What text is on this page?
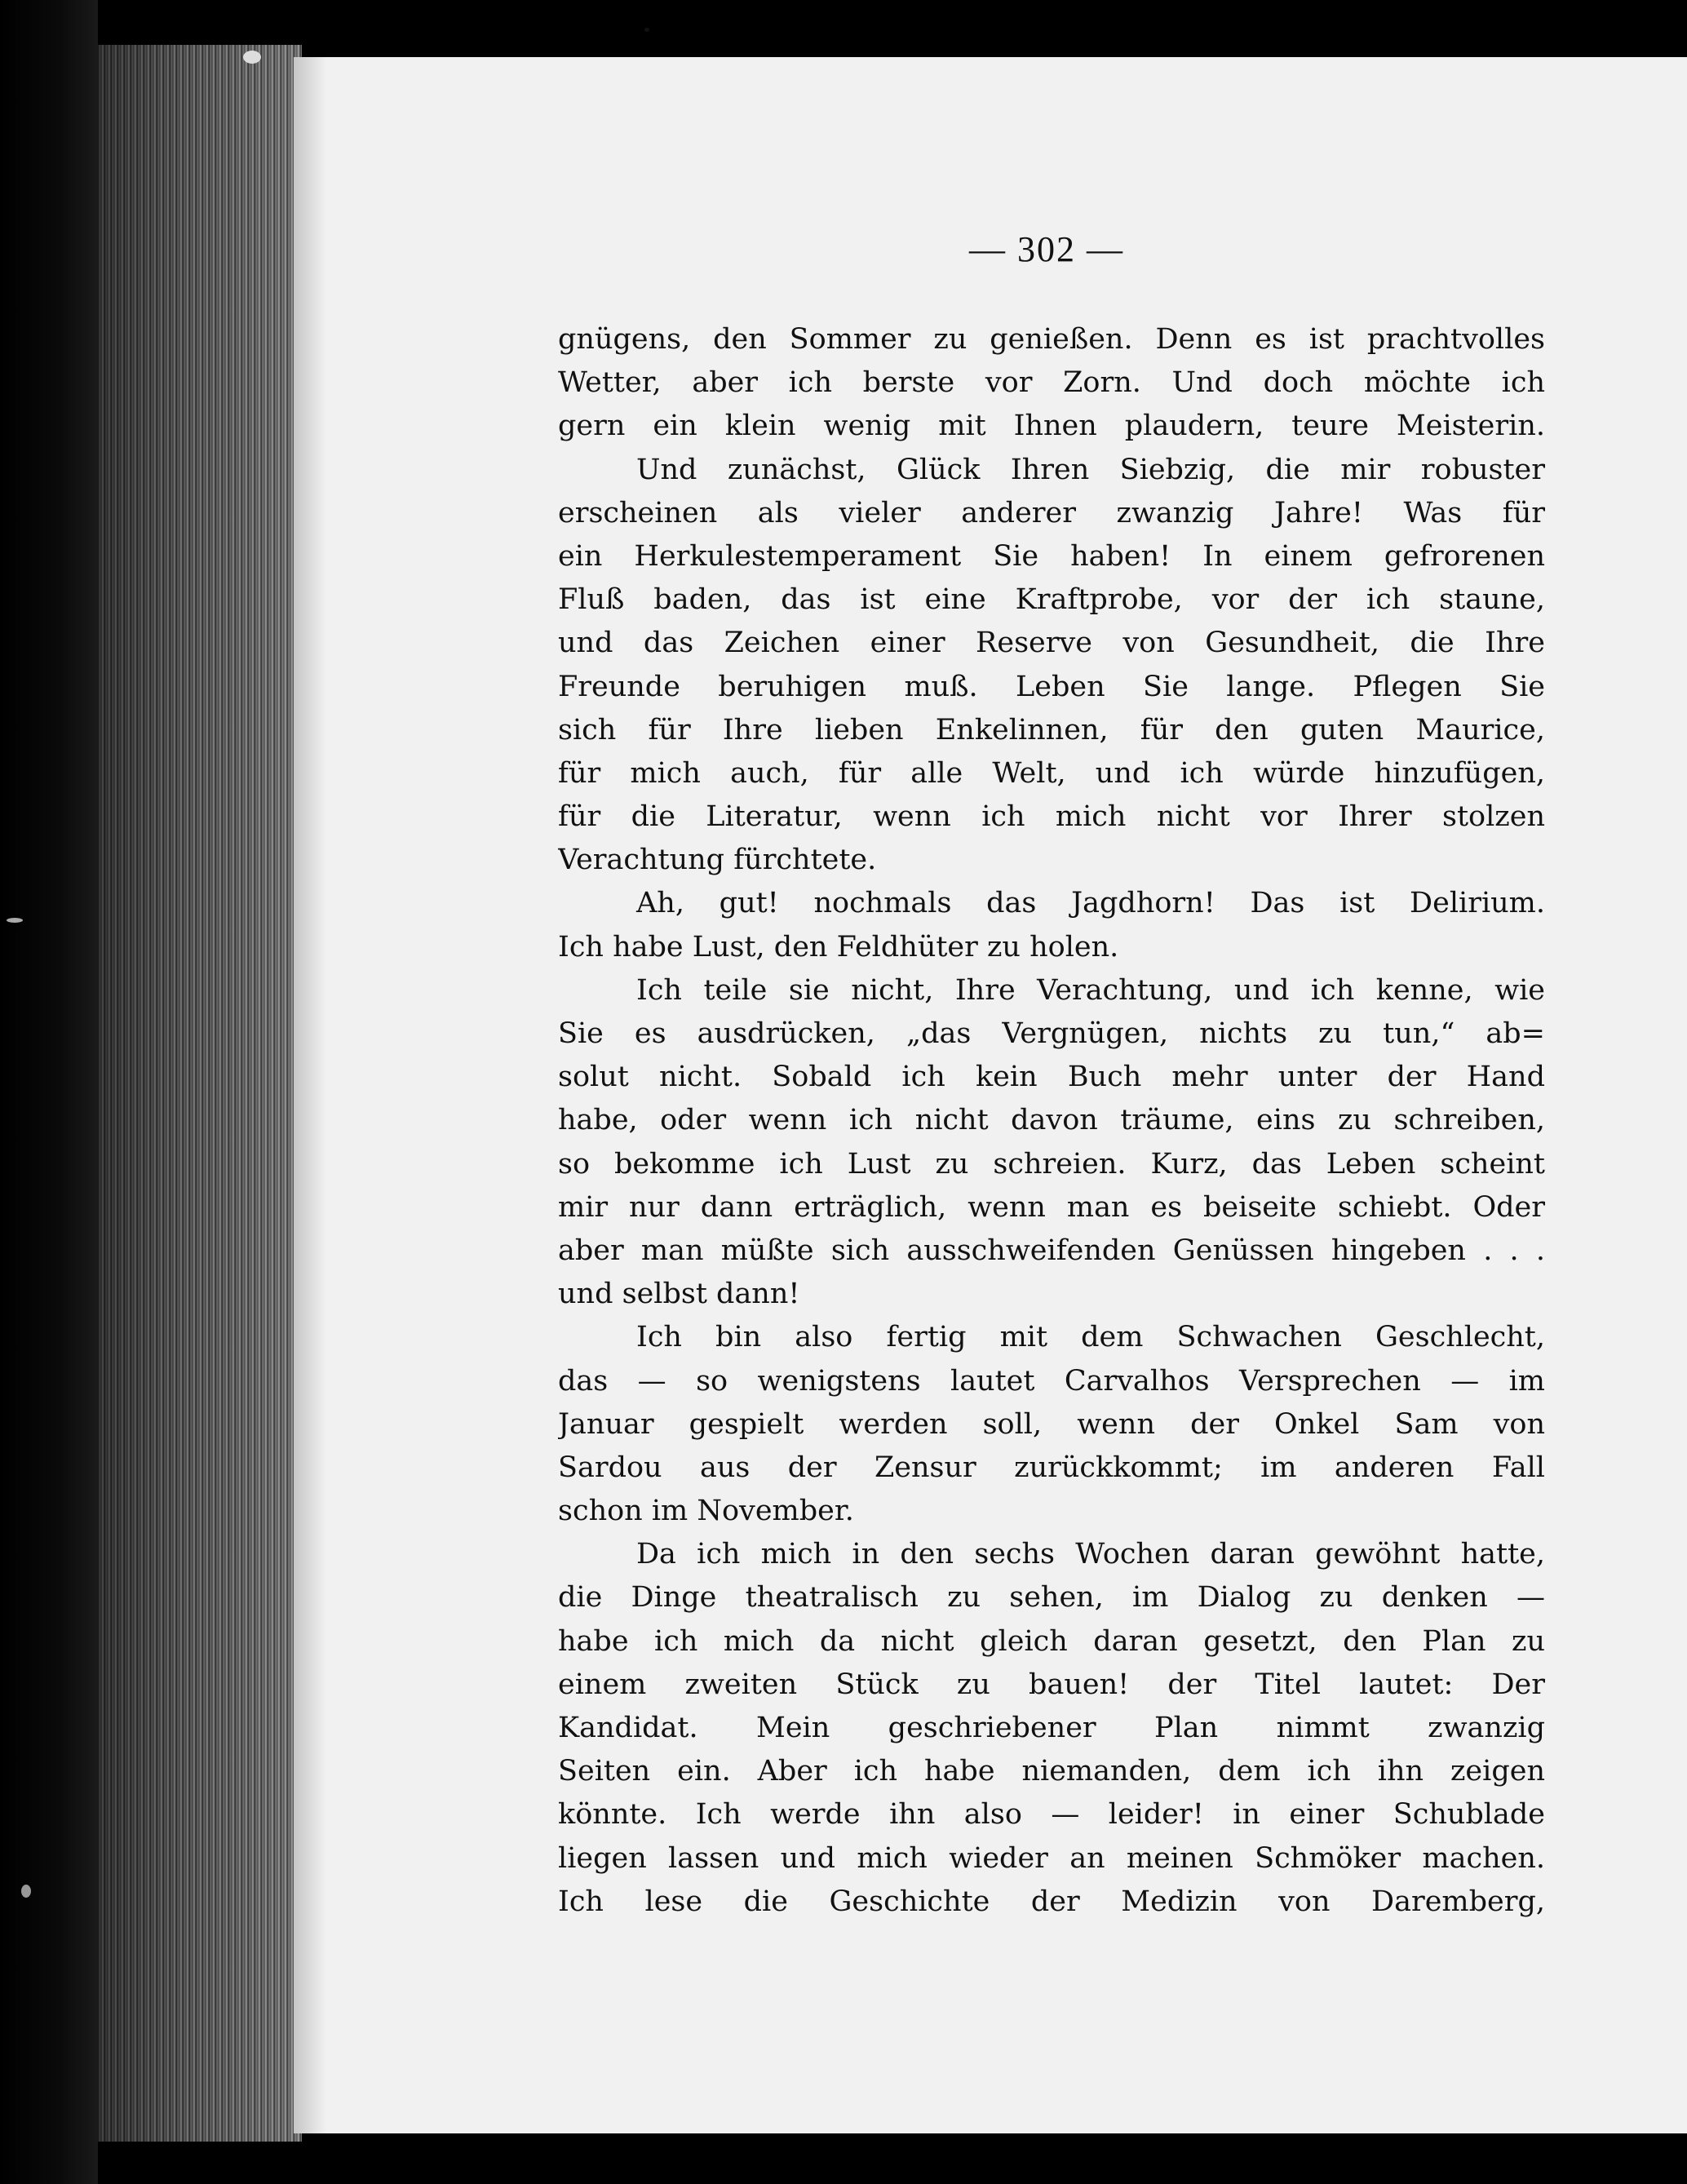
— 302 —
gnügens, den Sommer zu genießen. Denn es ist prachtvolles
Wetter, aber ich berste vor Zorn. Und doch möchte ich
gern ein klein wenig mit Ihnen plaudern, teure Meisterin.
Und zunächst, Glück Ihren Siebzig, die mir robuster
erscheinen als vieler anderer zwanzig Jahre! Was für
ein Herkulestemperament Sie haben! In einem gefrorenen
Fluß baden, das ist eine Kraftprobe, vor der ich staune,
und das Zeichen einer Reserve von Gesundheit, die Ihre
Freunde beruhigen muß. Leben Sie lange. Pflegen Sie
sich für Ihre lieben Enkelinnen, für den guten Maurice,
für mich auch, für alle Welt, und ich würde hinzufügen,
für die Literatur, wenn ich mich nicht vor Ihrer stolzen
Verachtung fürchtete.
Ah, gut! nochmals das Jagdhorn! Das ist Delirium.
Ich habe Lust, den Feldhüter zu holen.
Ich teile sie nicht, Ihre Verachtung, und ich kenne, wie
Sie es ausdrücken, „das Vergnügen, nichts zu tun,“ ab=
solut nicht. Sobald ich kein Buch mehr unter der Hand
habe, oder wenn ich nicht davon träume, eins zu schreiben,
so bekomme ich Lust zu schreien. Kurz, das Leben scheint
mir nur dann erträglich, wenn man es beiseite schiebt. Oder
aber man müßte sich ausschweifenden Genüssen hingeben . . .
und selbst dann!
Ich bin also fertig mit dem Schwachen Geschlecht,
das — so wenigstens lautet Carvalhos Versprechen — im
Januar gespielt werden soll, wenn der Onkel Sam von
Sardou aus der Zensur zurückkommt; im anderen Fall
schon im November.
Da ich mich in den sechs Wochen daran gewöhnt hatte,
die Dinge theatralisch zu sehen, im Dialog zu denken —
habe ich mich da nicht gleich daran gesetzt, den Plan zu
einem zweiten Stück zu bauen! der Titel lautet: Der
Kandidat. Mein geschriebener Plan nimmt zwanzig
Seiten ein. Aber ich habe niemanden, dem ich ihn zeigen
könnte. Ich werde ihn also — leider! in einer Schublade
liegen lassen und mich wieder an meinen Schmöker machen.
Ich lese die Geschichte der Medizin von Daremberg,
